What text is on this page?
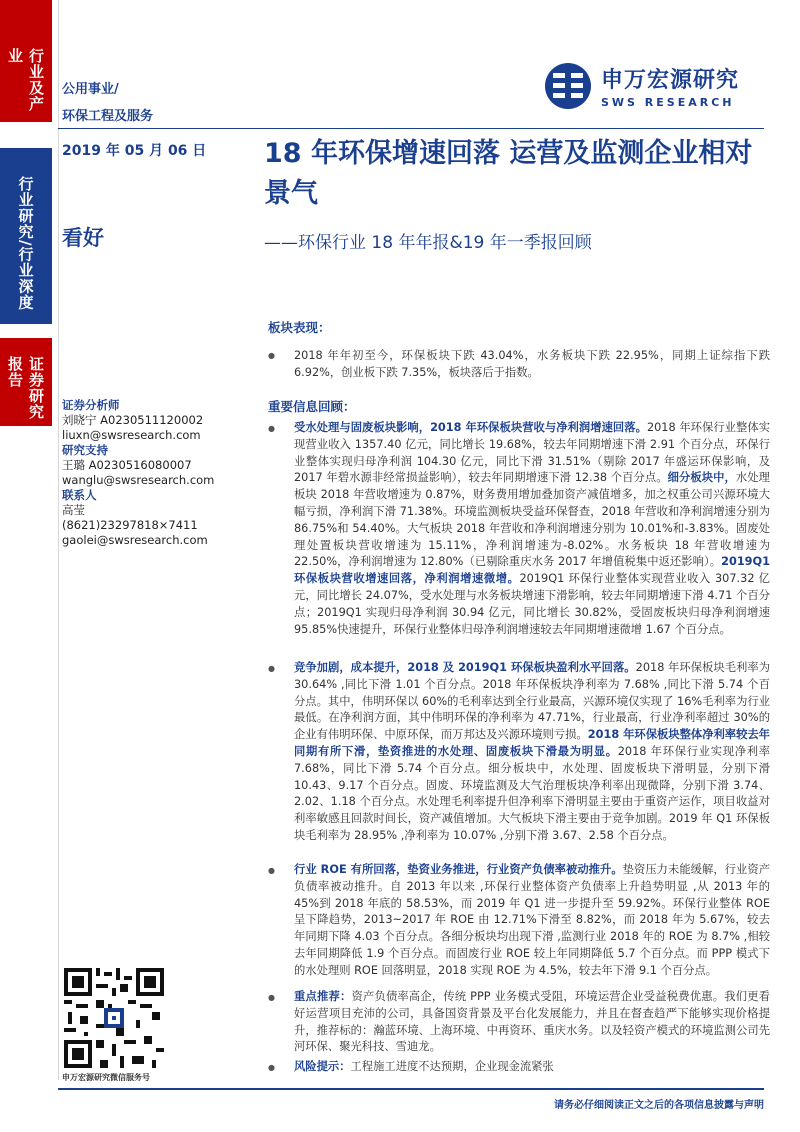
行业及产业
行业研究/行业深度
证券研究报告
公用事业/
环保工程及服务
申万宏源研究
SWS RESEARCH
2019 年 05 月 06 日 18 年环保增速回落 运营及监测企业相对景气
——环保行业 18 年年报&19 年一季报回顾
看好
证券分析师
刘晓宁 A0230511120002
liuxn@swsresearch.com
研究支持
王璐 A0230516080007
wanglu@swsresearch.com
联系人
高莹
(8621)23297818×7411
gaolei@swsresearch.com
申万宏源研究微信服务号
板块表现：
● 2018 年年初至今，环保板块下跌 43.04%，水务板块下跌 22.95%，同期上证综指下跌 6.92%，创业板下跌 7.35%，板块落后于指数。
重要信息回顾：
● 受水处理与固废板块影响，2018 年环保板块营收与净利润增速回落。2018 年环保行业整体实现营业收入 1357.40 亿元，同比增长 19.68%，较去年同期增速下滑 2.91 个百分点，环保行业整体实现归母净利润 104.30 亿元，同比下滑 31.51%（剔除 2017 年盛运环保影响，及 2017 年碧水源非经常损益影响），较去年同期增速下滑 12.38 个百分点。细分板块中，水处理板块 2018 年营收增速为 0.87%，财务费用增加叠加资产减值增多，加之权重公司兴源环境大幅亏损，净利润下滑 71.38%。环境监测板块受益环保督查，2018 年营收和净利润增速分别为 86.75%和 54.40%。大气板块 2018 年营收和净利润增速分别为 10.01%和-3.83%。固废处理处置板块营收增速为 15.11%，净利润增速为-8.02%。水务板块 18 年营收增速为 22.50%，净利润增速为 12.80%（已剔除重庆水务 2017 年增值税集中返还影响）。2019Q1 环保板块营收增速回落，净利润增速微增。2019Q1 环保行业整体实现营业收入 307.32 亿元，同比增长 24.07%，受水处理与水务板块增速下滑影响，较去年同期增速下滑 4.71 个百分点；2019Q1 实现归母净利润 30.94 亿元，同比增长 30.82%，受固废板块归母净利润增速 95.85%快速提升，环保行业整体归母净利润增速较去年同期增速微增 1.67 个百分点。
● 竞争加剧，成本提升，2018 及 2019Q1 环保板块盈利水平回落。2018 年环保板块毛利率为 30.64% ,同比下滑 1.01 个百分点。2018 年环保板块净利率为 7.68% ,同比下滑 5.74 个百分点。其中，伟明环保以 60%的毛利率达到全行业最高，兴源环境仅实现了 16%毛利率为行业最低。在净利润方面，其中伟明环保的净利率为 47.71%，行业最高，行业净利率超过 30%的企业有伟明环保、中原环保，而万邦达及兴源环境则亏损。2018 年环保板块整体净利率较去年同期有所下滑，垫资推进的水处理、固废板块下滑最为明显。2018 年环保行业实现净利率 7.68%，同比下滑 5.74 个百分点。细分板块中，水处理、固废板块下滑明显，分别下滑 10.43、9.17 个百分点。固废、环境监测及大气治理板块净利率出现微降，分别下滑 3.74、2.02、1.18 个百分点。水处理毛利率提升但净利率下滑明显主要由于重资产运作，项目收益对利率敏感且回款时间长，资产减值增加。大气板块下滑主要由于竞争加剧。2019 年 Q1 环保板块毛利率为 28.95% ,净利率为 10.07% ,分别下滑 3.67、2.58 个百分点。
● 行业 ROE 有所回落，垫资业务推进，行业资产负债率被动推升。垫资压力未能缓解，行业资产负债率被动推升。自 2013 年以来 ,环保行业整体资产负债率上升趋势明显 ,从 2013 年的 45%到 2018 年底的 58.53%，而 2019 年 Q1 进一步提升至 59.92%。环保行业整体 ROE 呈下降趋势，2013~2017 年 ROE 由 12.71%下滑至 8.82%，而 2018 年为 5.67%，较去年同期下降 4.03 个百分点。各细分板块均出现下滑 ,监测行业 2018 年的 ROE 为 8.7% ,相较去年同期降低 1.9 个百分点。而固废行业 ROE 较上年同期降低 5.7 个百分点。而 PPP 模式下的水处理则 ROE 回落明显，2018 实现 ROE 为 4.5%，较去年下滑 9.1 个百分点。
● 重点推荐：资产负债率高企，传统 PPP 业务模式受阻，环境运营企业受益税费优惠。我们更看好运营项目充沛的公司，具备国资背景及平台化发展能力，并且在督查趋严下能够实现价格提升，推荐标的：瀚蓝环境、上海环境、中再资环、重庆水务。以及轻资产模式的环境监测公司先河环保、聚光科技、雪迪龙。
● 风险提示：工程施工进度不达预期，企业现金流紧张
请务必仔细阅读正文之后的各项信息披露与声明
